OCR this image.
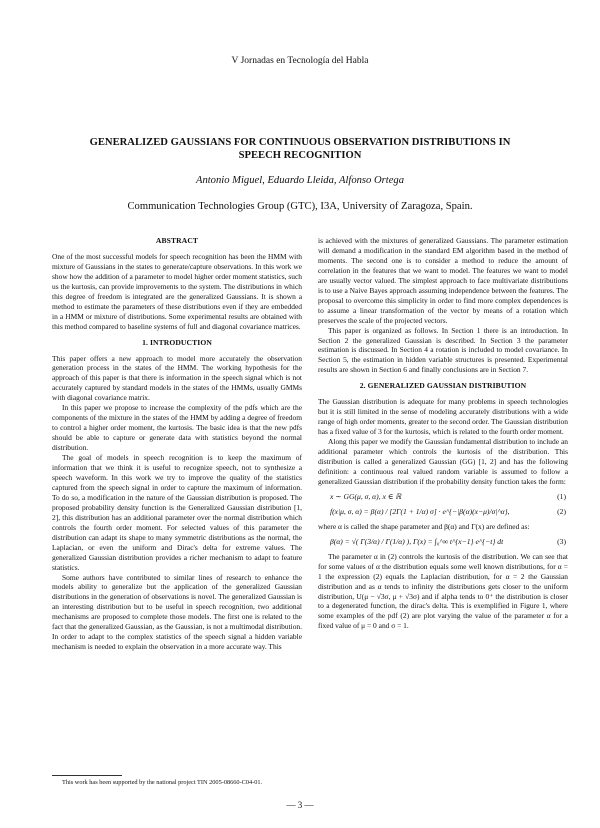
V Jornadas en Tecnología del Habla
GENERALIZED GAUSSIANS FOR CONTINUOUS OBSERVATION DISTRIBUTIONS IN SPEECH RECOGNITION
Antonio Miguel, Eduardo Lleida, Alfonso Ortega
Communication Technologies Group (GTC), I3A, University of Zaragoza, Spain.
ABSTRACT

One of the most successful models for speech recognition has been the HMM with mixture of Gaussians in the states to generate/capture observations. In this work we show how the addition of a parameter to model higher order moment statistics, such us the kurtosis, can provide improvements to the system. The distributions in which this degree of freedom is integrated are the generalized Gaussians. It is shown a method to estimate the parameters of these distributions even if they are embedded in a HMM or mixture of distributions. Some experimental results are obtained with this method compared to baseline systems of full and diagonal covariance matrices.

1. INTRODUCTION

This paper offers a new approach to model more accurately the observation generation process in the states of the HMM. The working hypothesis for the approach of this paper is that there is information in the speech signal which is not accurately captured by standard models in the states of the HMMs, usually GMMs with diagonal covariance matrix.

In this paper we propose to increase the complexity of the pdfs which are the components of the mixture in the states of the HMM by adding a degree of freedom to control a higher order moment, the kurtosis. The basic idea is that the new pdfs should be able to capture or generate data with statistics beyond the normal distribution.

The goal of models in speech recognition is to keep the maximum of information that we think it is useful to recognize speech, not to synthesize a speech waveform. In this work we try to improve the quality of the statistics captured from the speech signal in order to capture the maximum of information. To do so, a modification in the nature of the Gaussian distribution is proposed. The proposed probability density function is the Generalized Gaussian distribution [1, 2], this distribution has an additional parameter over the normal distribution which controls the fourth order moment. For selected values of this parameter the distribution can adapt its shape to many symmetric distributions as the normal, the Laplacian, or even the uniform and Dirac's delta for extreme values. The generalized Gaussian distribution provides a richer mechanism to adapt to feature statistics.

Some authors have contributed to similar lines of research to enhance the models ability to generalize but the application of the generalized Gaussian distributions in the generation of observations is novel. The generalized Gaussian is an interesting distribution but to be useful in speech recognition, two additional mechanisms are proposed to complete those models. The first one is related to the fact that the generalized Gaussian, as the Gaussian, is not a multimodal distribution. In order to adapt to the complex statistics of the speech signal a hidden variable mechanism is needed to explain the observation in a more accurate way. This

This work has been supported by the national project TIN 2005-08660-C04-01.

is achieved with the mixtures of generalized Gaussians. The parameter estimation will demand a modification in the standard EM algorithm based in the method of moments. The second one is to consider a method to reduce the amount of correlation in the features that we want to model. The features we want to model are usually vector valued. The simplest approach to face multivariate distributions is to use a Naive Bayes approach assuming independence between the features. The proposal to overcome this simplicity in order to find more complex dependences is to assume a linear transformation of the vector by means of a rotation which preserves the scale of the projected vectors.

This paper is organized as follows. In Section 1 there is an introduction. In Section 2 the generalized Gaussian is described. In Section 3 the parameter estimation is discussed. In Section 4 a rotation is included to model covariance. In Section 5, the estimation in hidden variable structures is presented. Experimental results are shown in Section 6 and finally conclusions are in Section 7.

2. GENERALIZED GAUSSIAN DISTRIBUTION

The Gaussian distribution is adequate for many problems in speech technologies but it is still limited in the sense of modeling accurately distributions with a wide range of high order moments, greater to the second order. The Gaussian distribution has a fixed value of 3 for the kurtosis, which is related to the fourth order moment.

Along this paper we modify the Gaussian fundamental distribution to include an additional parameter which controls the kurtosis of the distribution. This distribution is called a generalized Gaussian (GG) [1, 2] and has the following definition: a continuous real valued random variable is assumed to follow a generalized Gaussian distribution if the probability density function takes the form:

x ∼ GG(μ, σ, α), x ∈ ℝ	(1)
f(x|μ, σ, α) = β(α) / [2Γ(1 + 1/α) σ] · e^{−|β(α)(x−μ)/σ|^α},	(2)

where α is called the shape parameter and β(α) and Γ(x) are defined as:

β(α) = √( Γ(3/α) / Γ(1/α) ), Γ(x) = ∫₀^∞ t^{x−1} e^{−t} dt	(3)

The parameter α in (2) controls the kurtosis of the distribution. We can see that for some values of α the distribution equals some well known distributions, for α = 1 the expression (2) equals the Laplacian distribution, for α = 2 the Gaussian distribution and as α tends to infinity the distributions gets closer to the uniform distribution, U(μ − √3σ, μ + √3σ) and if alpha tends to 0⁺ the distribution is closer to a degenerated function, the dirac's delta. This is exemplified in Figure 1, where some examples of the pdf (2) are plot varying the value of the parameter α for a fixed value of μ = 0 and σ = 1.

— 3 —
